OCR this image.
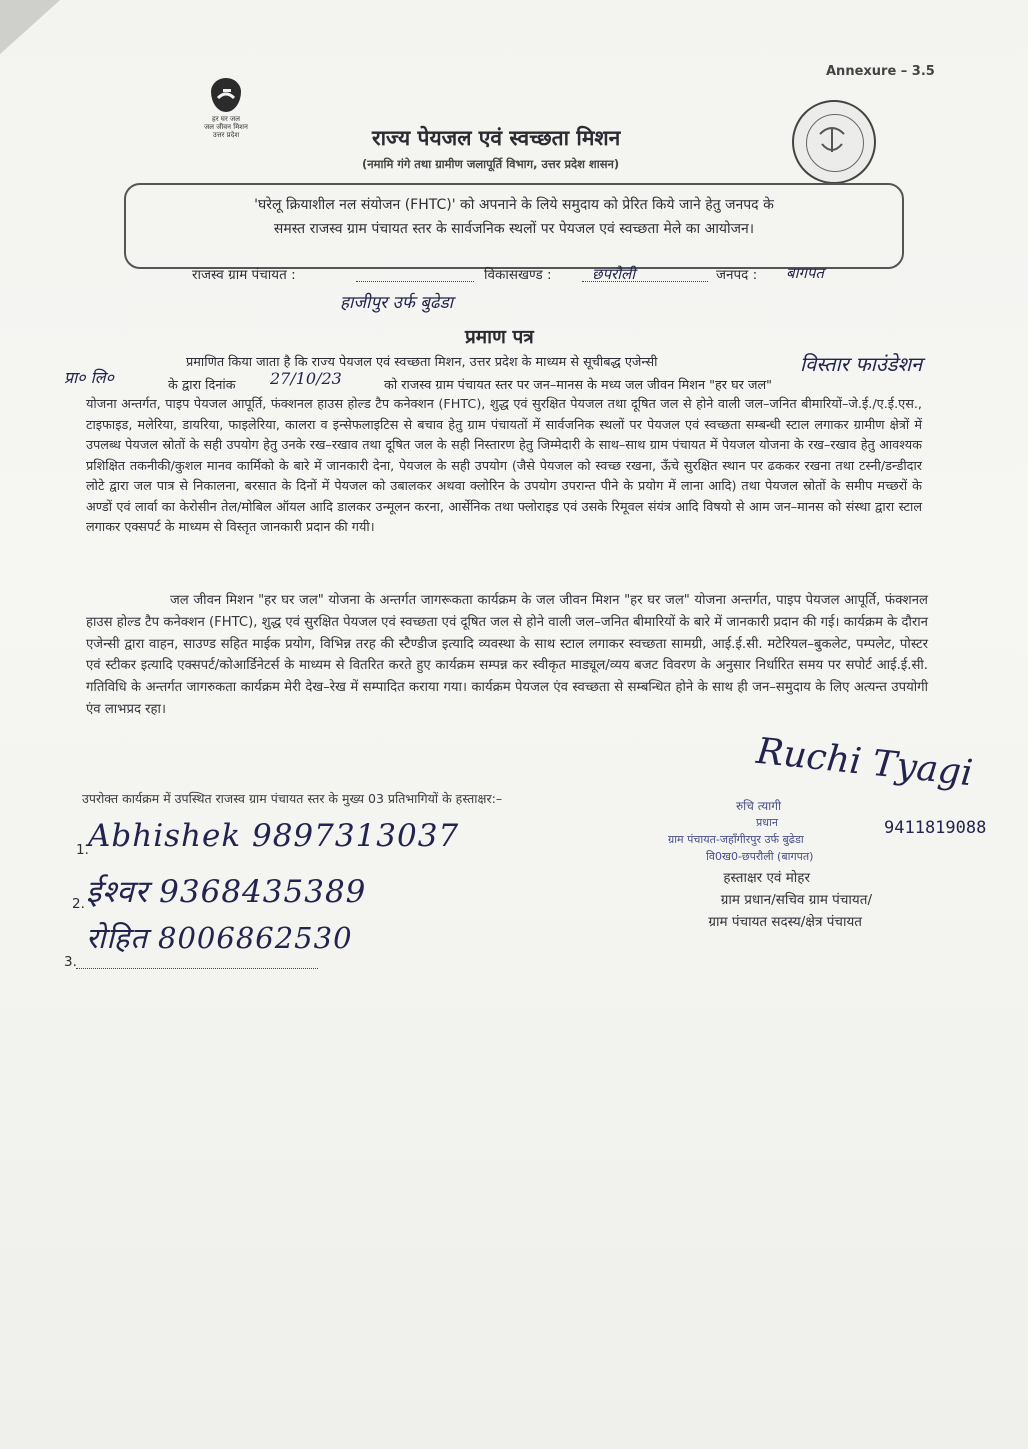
Annexure – 3.5
हर घर जल
जल जीवन मिशन
उत्तर प्रदेश	राज्य पेयजल एवं स्वच्छता मिशन
(नमामि गंगे तथा ग्रामीण जलापूर्ति विभाग, उत्तर प्रदेश शासन)
'घरेलू क्रियाशील नल संयोजन (FHTC)' को अपनाने के लिये समुदाय को प्रेरित किये जाने हेतु जनपद के
समस्त राजस्व ग्राम पंचायत स्तर के सार्वजनिक स्थलों पर पेयजल एवं स्वच्छता मेले का आयोजन।
राजस्व ग्राम पंचायत :	विकासखण्ड :	छपरौली	जनपद : बागपत
हाजीपुर उर्फ बुढेडा
प्रमाण पत्र
प्रमाणित किया जाता है कि राज्य पेयजल एवं स्वच्छता मिशन, उत्तर प्रदेश के माध्यम से सूचीबद्ध एजेन्सी	विस्तार फाउंडेशन
प्रा० लि०	के द्वारा दिनांक 27/10/23	को राजस्व ग्राम पंचायत स्तर पर जन–मानस के मध्य जल जीवन मिशन "हर घर जल"
योजना अन्तर्गत, पाइप पेयजल आपूर्ति, फंक्शनल हाउस होल्ड टैप कनेक्शन (FHTC), शुद्ध एवं सुरक्षित पेयजल तथा दूषित जल से होने वाली जल–जनित बीमारियों–जे.ई./ए.ई.एस., टाइफाइड, मलेरिया, डायरिया, फाइलेरिया, कालरा व इन्सेफलाइटिस से बचाव हेतु ग्राम पंचायतों में सार्वजनिक स्थलों पर पेयजल एवं स्वच्छता सम्बन्धी स्टाल लगाकर ग्रामीण क्षेत्रों में उपलब्ध पेयजल स्रोतों के सही उपयोग हेतु उनके रख–रखाव तथा दूषित जल के सही निस्तारण हेतु जिम्मेदारी के साथ–साथ ग्राम पंचायत में पेयजल योजना के रख–रखाव हेतु आवश्यक प्रशिक्षित तकनीकी/कुशल मानव कार्मिको के बारे में जानकारी देना, पेयजल के सही उपयोग (जैसे पेयजल को स्वच्छ रखना, ऊँचे सुरक्षित स्थान पर ढककर रखना तथा टस्नी/डन्डीदार लोटे द्वारा जल पात्र से निकालना, बरसात के दिनों में पेयजल को उबालकर अथवा क्लोरिन के उपयोग उपरान्त पीने के प्रयोग में लाना आदि) तथा पेयजल स्रोतों के समीप मच्छरों के अण्डों एवं लार्वा का केरोसीन तेल/मोबिल ऑयल आदि डालकर उन्मूलन करना, आर्सेनिक तथा फ्लोराइड एवं उसके रिमूवल संयंत्र आदि विषयो से आम जन–मानस को संस्था द्वारा स्टाल लगाकर एक्सपर्ट के माध्यम से विस्तृत जानकारी प्रदान की गयी।
जल जीवन मिशन "हर घर जल" योजना के अन्तर्गत जागरूकता कार्यक्रम के जल जीवन मिशन "हर घर जल" योजना अन्तर्गत, पाइप पेयजल आपूर्ति, फंक्शनल हाउस होल्ड टैप कनेक्शन (FHTC), शुद्ध एवं सुरक्षित पेयजल एवं स्वच्छता एवं दूषित जल से होने वाली जल–जनित बीमारियों के बारे में जानकारी प्रदान की गई। कार्यक्रम के दौरान एजेन्सी द्वारा वाहन, साउण्ड सहित माईक प्रयोग, विभिन्न तरह की स्टैण्डीज इत्यादि व्यवस्था के साथ स्टाल लगाकर स्वच्छता सामग्री, आई.ई.सी. मटेरियल–बुकलेट, पम्पलेट, पोस्टर एवं स्टीकर इत्यादि एक्सपर्ट/कोआर्डिनेटर्स के माध्यम से वितरित करते हुए कार्यक्रम सम्पन्न कर स्वीकृत माड्यूल/व्यय बजट विवरण के अनुसार निर्धारित समय पर सपोर्ट आई.ई.सी. गतिविधि के अन्तर्गत जागरुकता कार्यक्रम मेरी देख–रेख में सम्पादित कराया गया। कार्यक्रम पेयजल एंव स्वच्छता से सम्बन्धित होने के साथ ही जन–समुदाय के लिए अत्यन्त उपयोगी एंव लाभप्रद रहा।
उपरोक्त कार्यक्रम में उपस्थित राजस्व ग्राम पंचायत स्तर के मुख्य 03 प्रतिभागियों के हस्ताक्षर:–
1. Abhishek 9897313037
2. ईश्वर 9368435389
रोहित 8006862530
3.
Ruchi Tyagi
9411819088
रुचि त्यागी
प्रधान
ग्राम पंचायत-जहाँगीरपुर उर्फ बुढेडा
वि0ख0-छपरौली (बागपत)
हस्ताक्षर एवं मोहर
ग्राम प्रधान/सचिव ग्राम पंचायत/
ग्राम पंचायत सदस्य/क्षेत्र पंचायत
